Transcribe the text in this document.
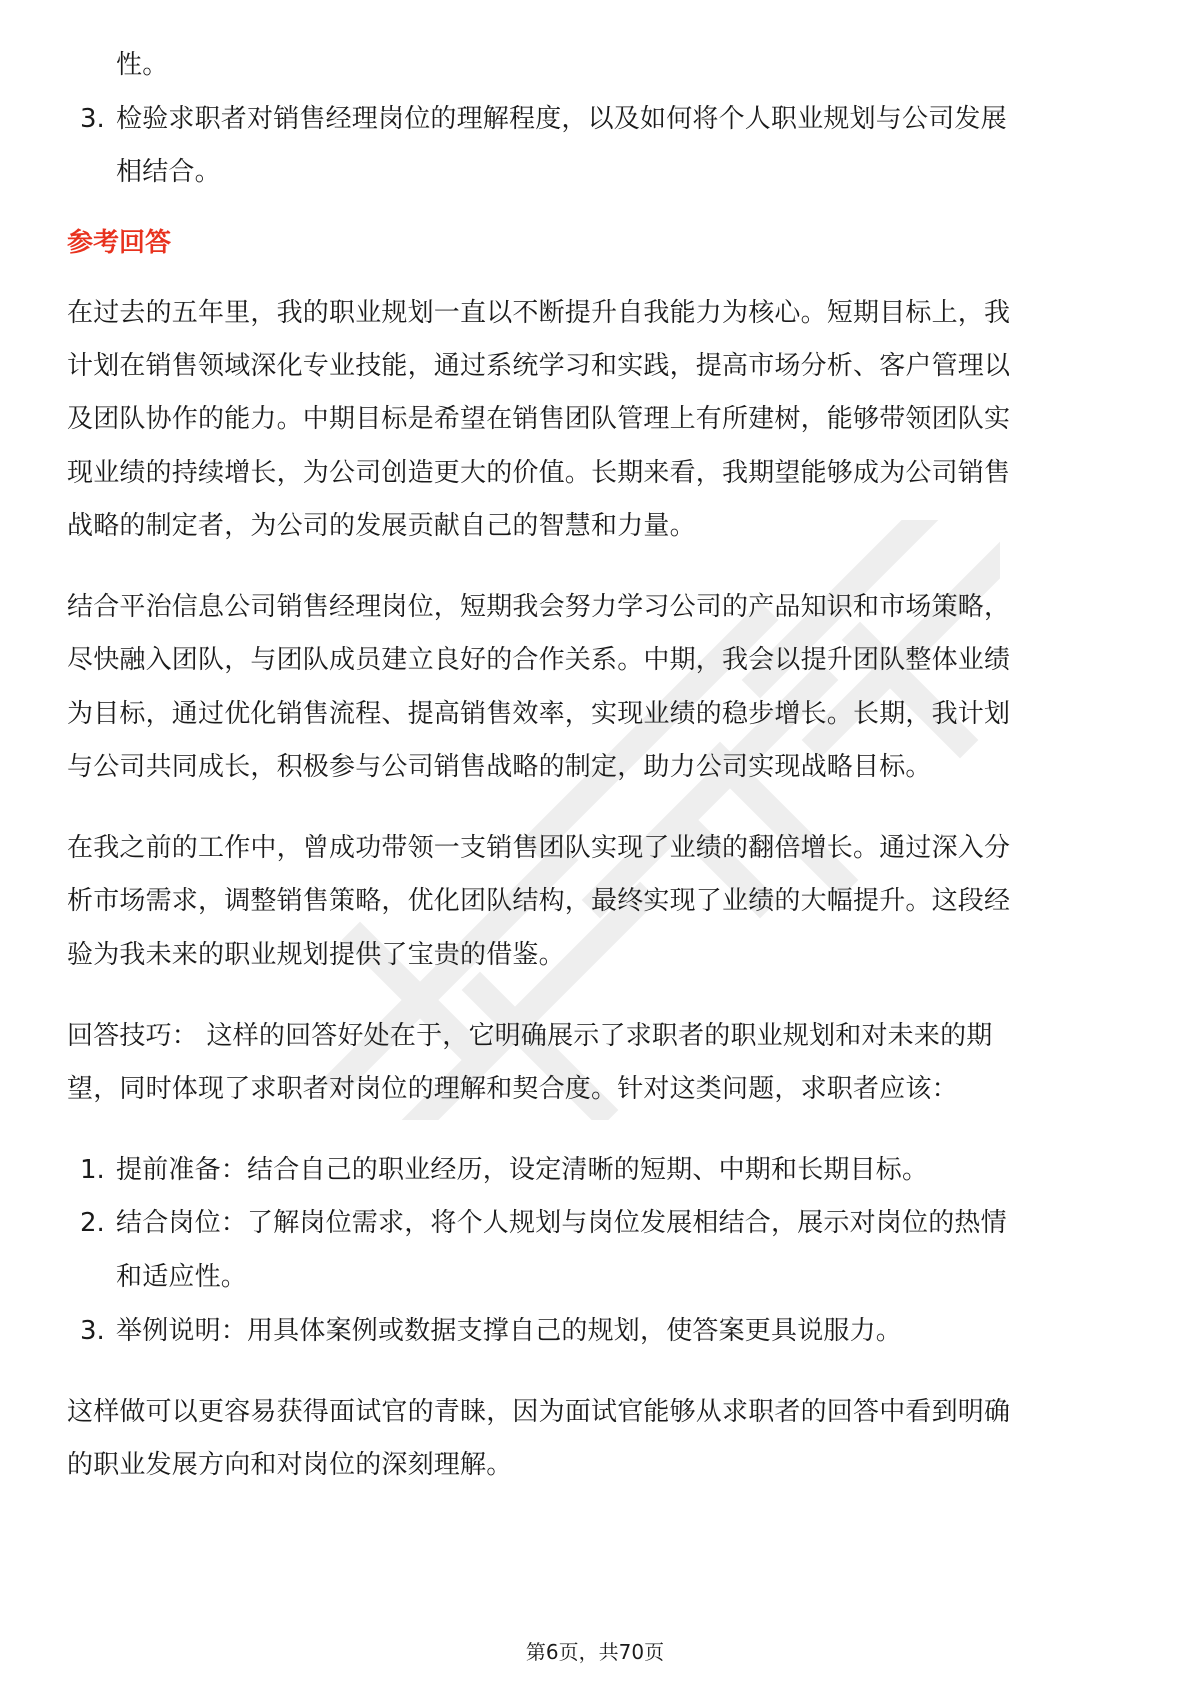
性。
3. 检验求职者对销售经理岗位的理解程度，以及如何将个人职业规划与公司发展
相结合。
参考回答
在过去的五年里，我的职业规划一直以不断提升自我能力为核心。短期目标上，我
计划在销售领域深化专业技能，通过系统学习和实践，提高市场分析、客户管理以
及团队协作的能力。中期目标是希望在销售团队管理上有所建树，能够带领团队实
现业绩的持续增长，为公司创造更大的价值。长期来看，我期望能够成为公司销售
战略的制定者，为公司的发展贡献自己的智慧和力量。
结合平治信息公司销售经理岗位，短期我会努力学习公司的产品知识和市场策略，
尽快融入团队，与团队成员建立良好的合作关系。中期，我会以提升团队整体业绩
为目标，通过优化销售流程、提高销售效率，实现业绩的稳步增长。长期，我计划
与公司共同成长，积极参与公司销售战略的制定，助力公司实现战略目标。
在我之前的工作中，曾成功带领一支销售团队实现了业绩的翻倍增长。通过深入分
析市场需求，调整销售策略，优化团队结构，最终实现了业绩的大幅提升。这段经
验为我未来的职业规划提供了宝贵的借鉴。
回答技巧： 这样的回答好处在于，它明确展示了求职者的职业规划和对未来的期
望，同时体现了求职者对岗位的理解和契合度。针对这类问题，求职者应该：
1. 提前准备：结合自己的职业经历，设定清晰的短期、中期和长期目标。
2. 结合岗位：了解岗位需求，将个人规划与岗位发展相结合，展示对岗位的热情
和适应性。
3. 举例说明：用具体案例或数据支撑自己的规划，使答案更具说服力。
这样做可以更容易获得面试官的青睐，因为面试官能够从求职者的回答中看到明确
的职业发展方向和对岗位的深刻理解。
第6页，共70页
